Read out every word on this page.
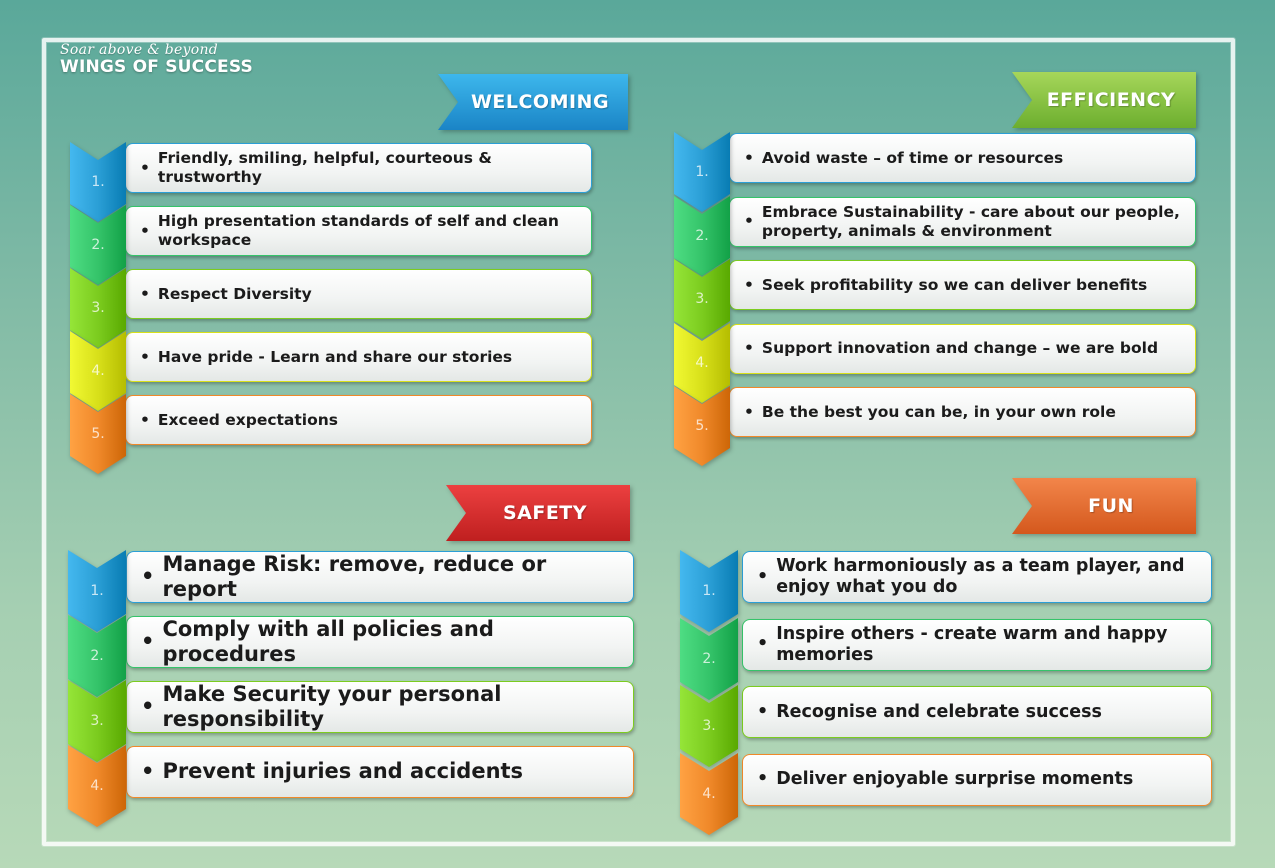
Soar above & beyond
WINGS OF SUCCESS
WELCOMING	EFFICIENCY
SAFETY	FUN
•
Friendly, smiling, helpful, courteous & trustworthy
1.
•
High presentation standards of self and clean workspace
2.
• Respect Diversity
3.
• Have pride - Learn and share our stories
4.
• Exceed expectations
5.
• Avoid waste – of time or resources
1.
•
Embrace Sustainability - care about our people, property, animals & environment
2.
• Seek profitability so we can deliver benefits
3.
• Support innovation and change – we are bold
4.
• Be the best you can be, in your own role
5.
•
Manage Risk: remove, reduce or report
1.
•
Comply with all policies and procedures
2.
•
Make Security your personal responsibility
3.
• Prevent injuries and accidents
4.
•
Work harmoniously as a team player, and enjoy what you do
1.
•
Inspire others - create warm and happy memories
2.
• Recognise and celebrate success
3.
• Deliver enjoyable surprise moments
4.
